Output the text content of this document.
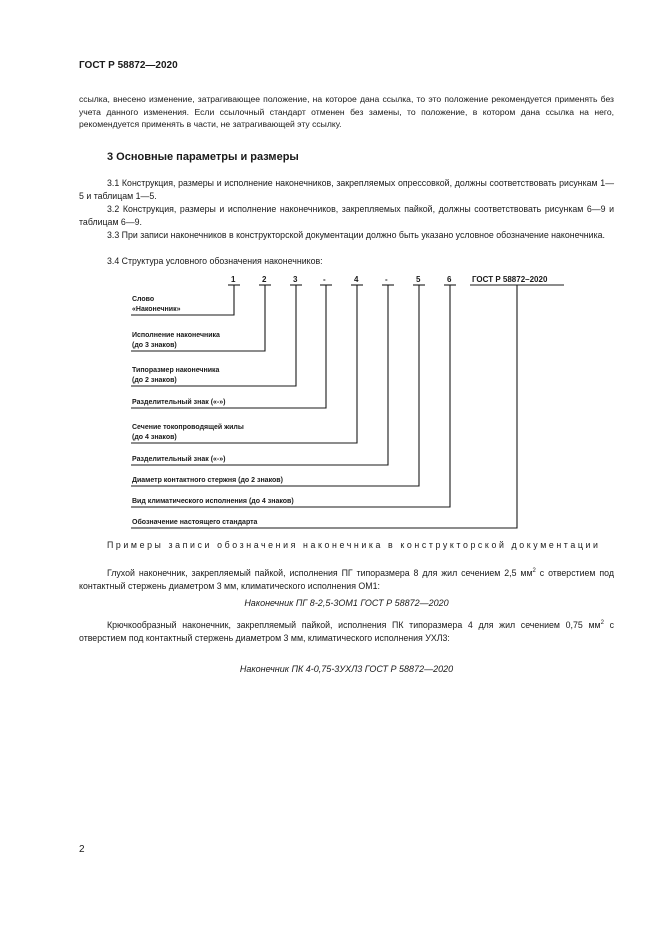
ГОСТ Р 58872—2020

ссылка, внесено изменение, затрагивающее положение, на которое дана ссылка, то это положение рекомендуется применять без учета данного изменения. Если ссылочный стандарт отменен без замены, то положение, в котором дана ссылка на него, рекомендуется применять в части, не затрагивающей эту ссылку.

3 Основные параметры и размеры

3.1 Конструкция, размеры и исполнение наконечников, закрепляемых опрессовкой, должны соответствовать рисункам 1—5 и таблицам 1—5.

3.2 Конструкция, размеры и исполнение наконечников, закрепляемых пайкой, должны соответствовать рисункам 6—9 и таблицам 6—9.

3.3 При записи наконечников в конструкторской документации должно быть указано условное обозначение наконечника.

3.4 Структура условного обозначения наконечников:

1	2	3	-	4	-	5	6	ГОСТ Р 58872–2020
Слово
«Наконечник»
Исполнение наконечника
(до 3 знаков)
Типоразмер наконечника
(до 2 знаков)
Разделительный знак («-»)
Сечение токопроводящей жилы
(до 4 знаков)
Разделительный знак («-»)
Диаметр контактного стержня (до 2 знаков)
Вид климатического исполнения (до 4 знаков)
Обозначение настоящего стандарта

Примеры записи обозначения наконечника в конструкторской документации

Глухой наконечник, закрепляемый пайкой, исполнения ПГ типоразмера 8 для жил сечением 2,5 $мм^2$ с отверстием под контактный стержень диаметром 3 мм, климатического исполнения ОМ1:

Наконечник ПГ 8-2,5-3ОМ1 ГОСТ Р 58872—2020

Крючкообразный наконечник, закрепляемый пайкой, исполнения ПК типоразмера 4 для жил сечением 0,75 $мм^2$ с отверстием под контактный стержень диаметром 3 мм, климатического исполнения УХЛ3:

Наконечник ПК 4-0,75-3УХЛ3 ГОСТ Р 58872—2020
2
